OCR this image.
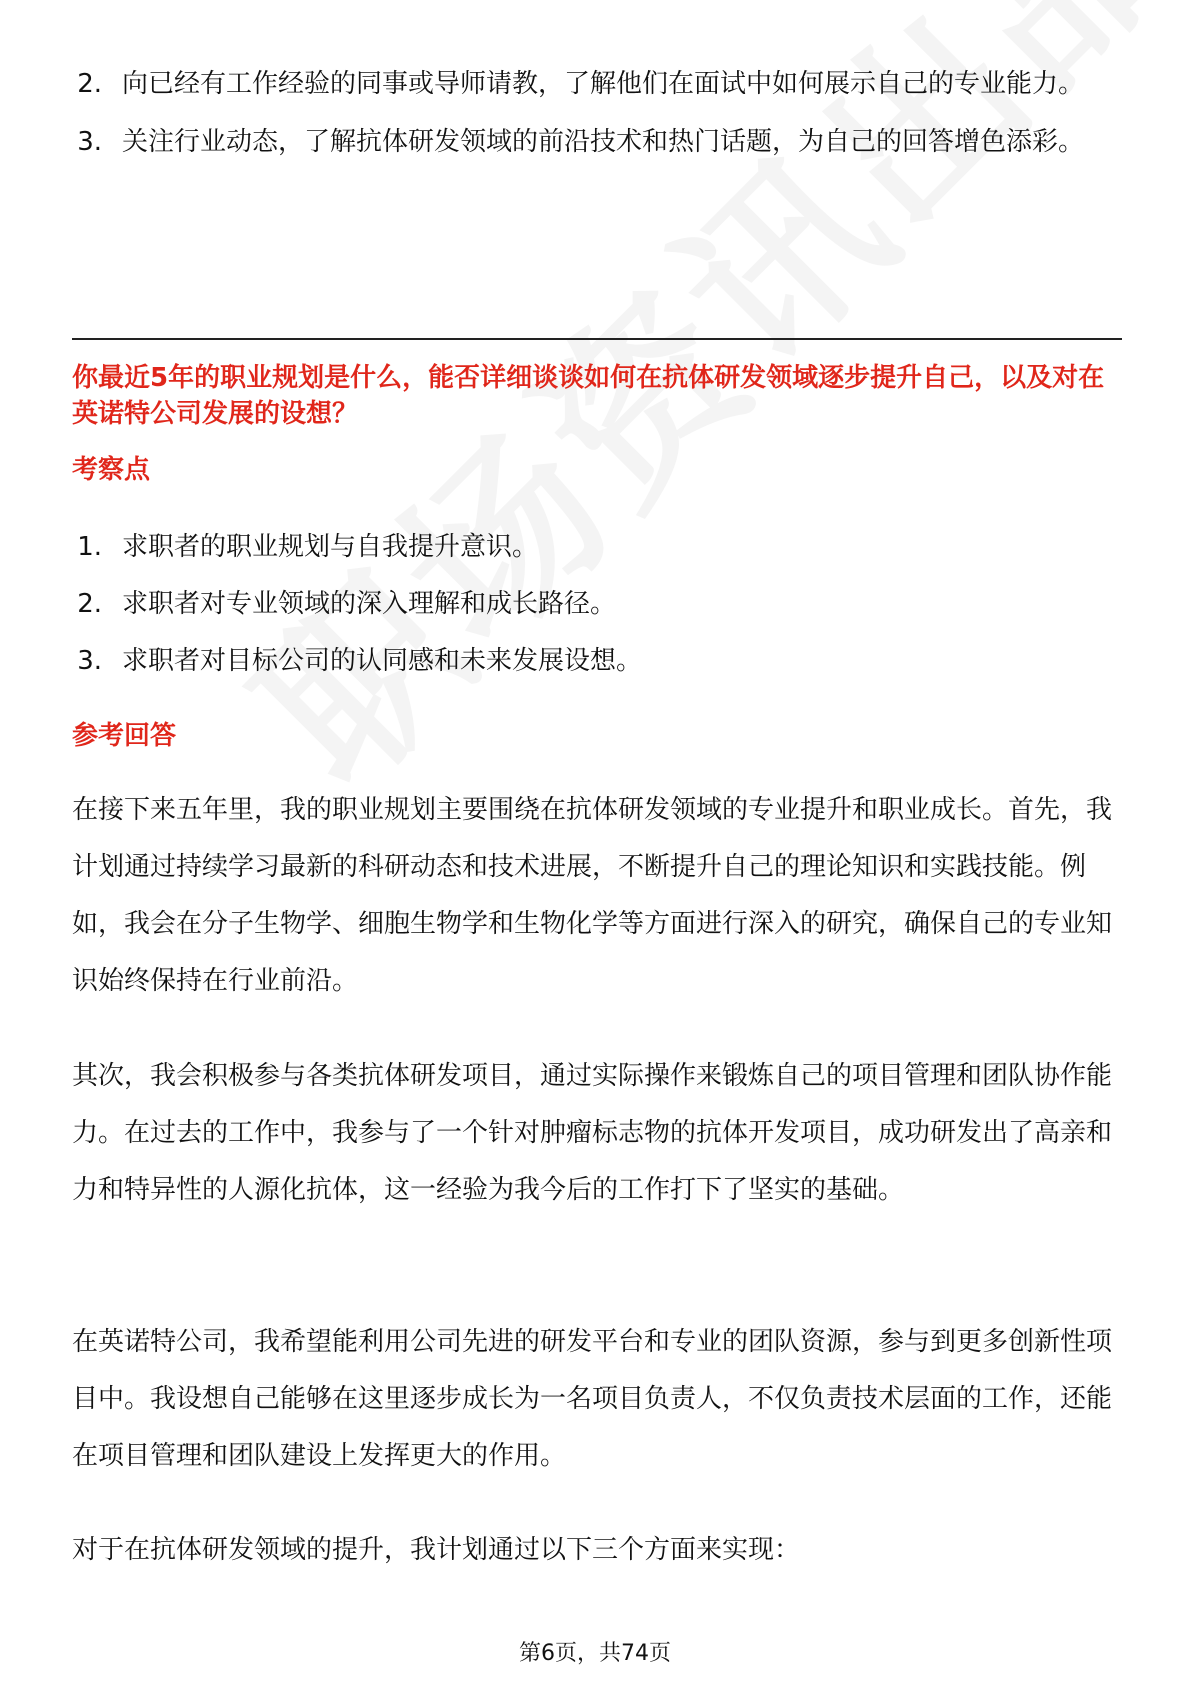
2. 向已经有工作经验的同事或导师请教，了解他们在面试中如何展示自己的专业能力。
3. 关注行业动态，了解抗体研发领域的前沿技术和热门话题，为自己的回答增色添彩。
你最近5年的职业规划是什么，能否详细谈谈如何在抗体研发领域逐步提升自己，以及对在英诺特公司发展的设想？
考察点
1. 求职者的职业规划与自我提升意识。
2. 求职者对专业领域的深入理解和成长路径。
3. 求职者对目标公司的认同感和未来发展设想。
参考回答

在接下来五年里，我的职业规划主要围绕在抗体研发领域的专业提升和职业成长。首先，我计划通过持续学习最新的科研动态和技术进展，不断提升自己的理论知识和实践技能。例如，我会在分子生物学、细胞生物学和生物化学等方面进行深入的研究，确保自己的专业知识始终保持在行业前沿。

其次，我会积极参与各类抗体研发项目，通过实际操作来锻炼自己的项目管理和团队协作能力。在过去的工作中，我参与了一个针对肿瘤标志物的抗体开发项目，成功研发出了高亲和力和特异性的人源化抗体，这一经验为我今后的工作打下了坚实的基础。

在英诺特公司，我希望能利用公司先进的研发平台和专业的团队资源，参与到更多创新性项目中。我设想自己能够在这里逐步成长为一名项目负责人，不仅负责技术层面的工作，还能在项目管理和团队建设上发挥更大的作用。

对于在抗体研发领域的提升，我计划通过以下三个方面来实现：

第6页，共74页
